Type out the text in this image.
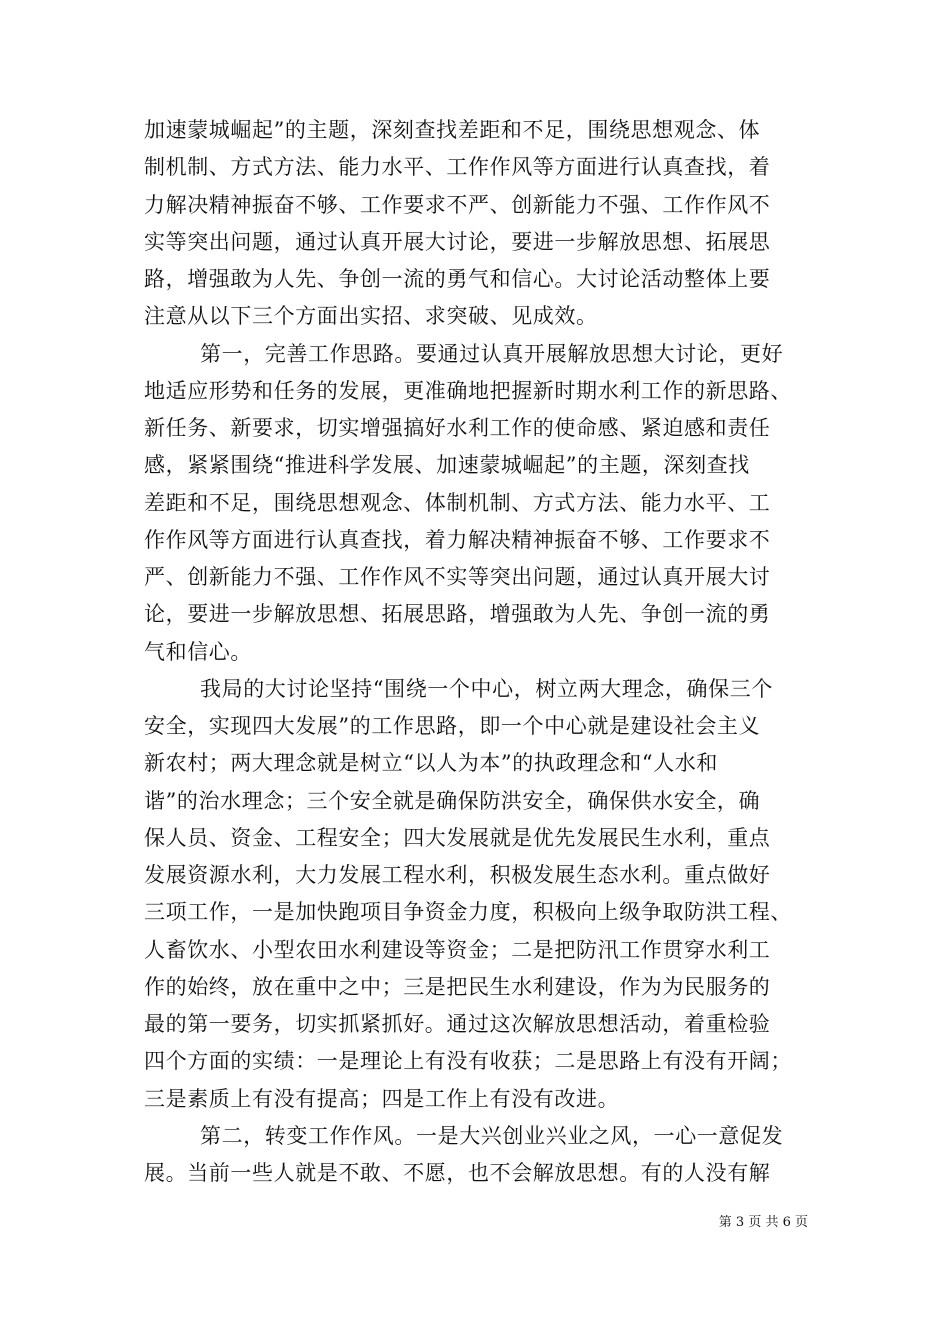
加速蒙城崛起”的主题，深刻查找差距和不足，围绕思想观念、体
制机制、方式方法、能力水平、工作作风等方面进行认真查找，着
力解决精神振奋不够、工作要求不严、创新能力不强、工作作风不
实等突出问题，通过认真开展大讨论，要进一步解放思想、拓展思
路，增强敢为人先、争创一流的勇气和信心。大讨论活动整体上要
注意从以下三个方面出实招、求突破、见成效。
第一，完善工作思路。要通过认真开展解放思想大讨论，更好
地适应形势和任务的发展，更准确地把握新时期水利工作的新思路、
新任务、新要求，切实增强搞好水利工作的使命感、紧迫感和责任
感，紧紧围绕“推进科学发展、加速蒙城崛起”的主题，深刻查找
差距和不足，围绕思想观念、体制机制、方式方法、能力水平、工
作作风等方面进行认真查找，着力解决精神振奋不够、工作要求不
严、创新能力不强、工作作风不实等突出问题，通过认真开展大讨
论，要进一步解放思想、拓展思路，增强敢为人先、争创一流的勇
气和信心。
我局的大讨论坚持“围绕一个中心，树立两大理念，确保三个
安全，实现四大发展”的工作思路，即一个中心就是建设社会主义
新农村；两大理念就是树立“以人为本”的执政理念和“人水和
谐”的治水理念；三个安全就是确保防洪安全，确保供水安全，确
保人员、资金、工程安全；四大发展就是优先发展民生水利，重点
发展资源水利，大力发展工程水利，积极发展生态水利。重点做好
三项工作，一是加快跑项目争资金力度，积极向上级争取防洪工程、
人畜饮水、小型农田水利建设等资金；二是把防汛工作贯穿水利工
作的始终，放在重中之中；三是把民生水利建设，作为为民服务的
最的第一要务，切实抓紧抓好。通过这次解放思想活动，着重检验
四个方面的实绩：一是理论上有没有收获；二是思路上有没有开阔；
三是素质上有没有提高；四是工作上有没有改进。
第二，转变工作作风。一是大兴创业兴业之风，一心一意促发
展。当前一些人就是不敢、不愿，也不会解放思想。有的人没有解
第 3 页 共 6 页
